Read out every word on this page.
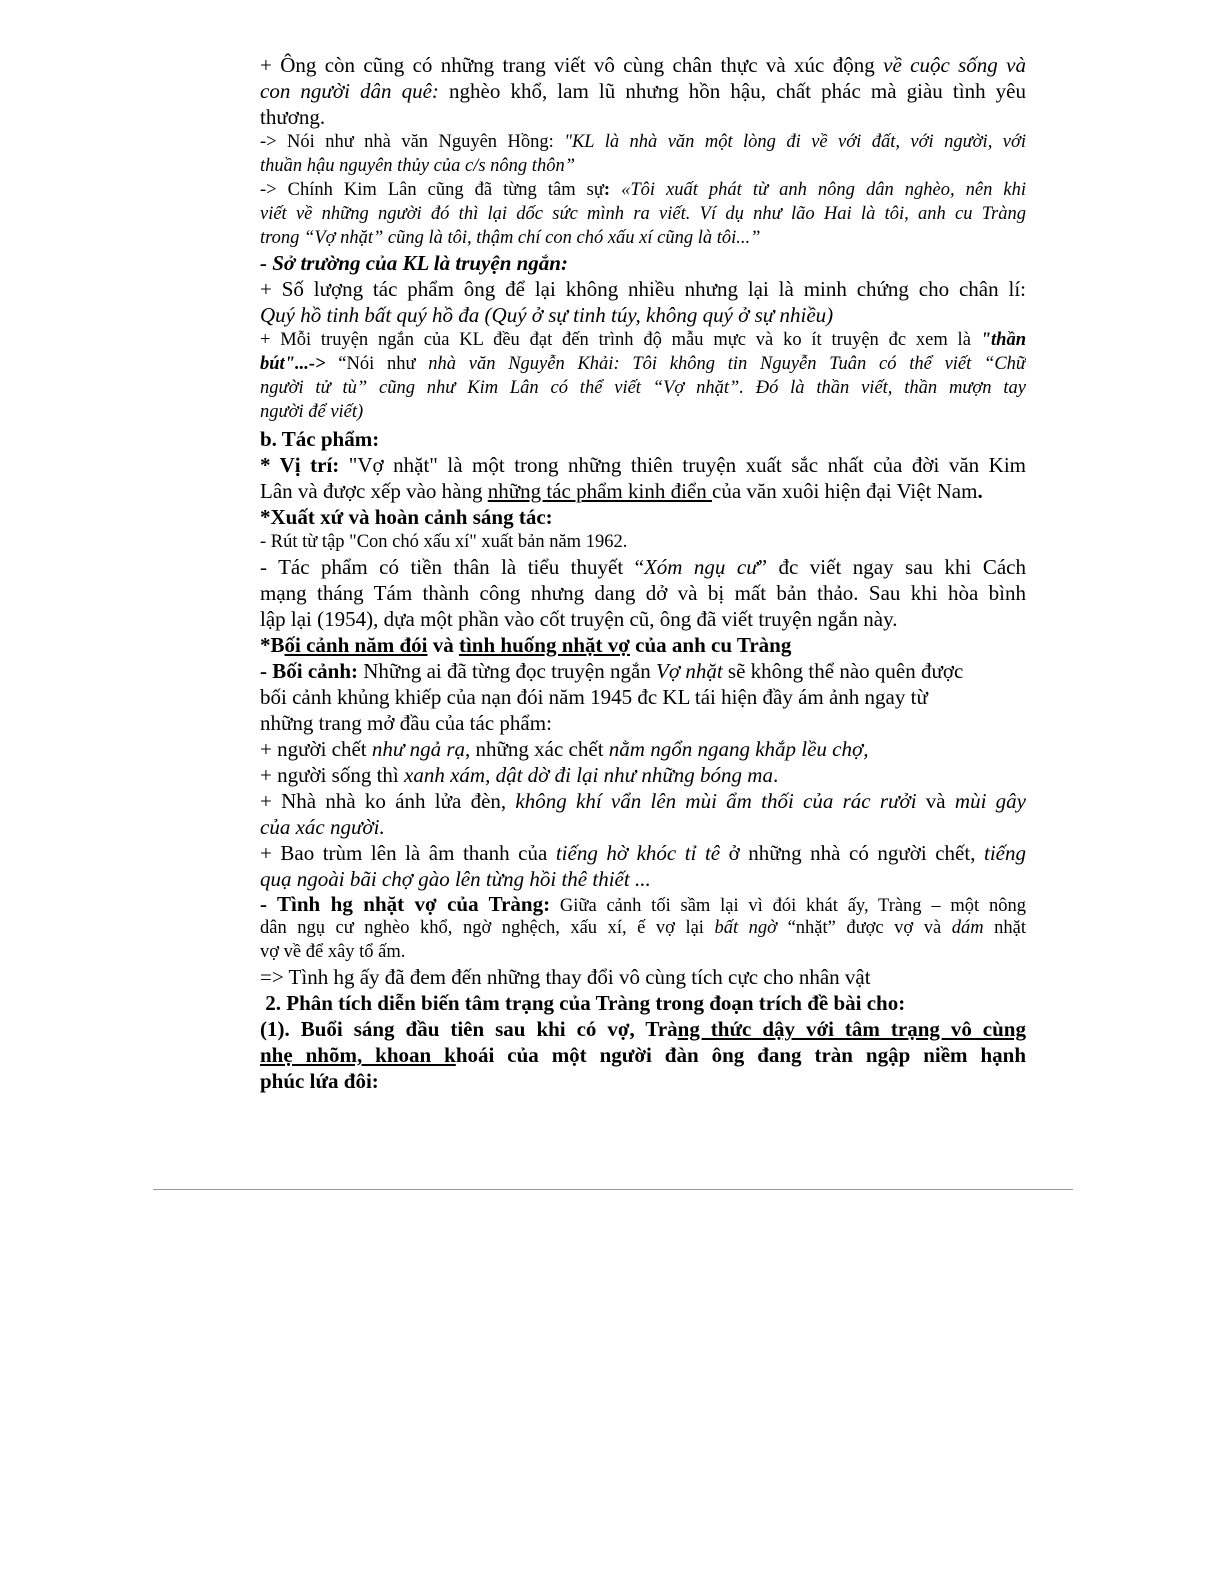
+ Ông còn cũng có những trang viết vô cùng chân thực và xúc động về cuộc sống và
con người dân quê: nghèo khổ, lam lũ nhưng hồn hậu, chất phác mà giàu tình yêu
thương.
-> Nói như nhà văn Nguyên Hồng: "KL là nhà văn một lòng đi về với đất, với người, với
thuần hậu nguyên thủy của c/s nông thôn”
-> Chính Kim Lân cũng đã từng tâm sự: «Tôi xuất phát từ anh nông dân nghèo, nên khi
viết về những người đó thì lại dốc sức mình ra viết. Ví dụ như lão Hai là tôi, anh cu Tràng
trong “Vợ nhặt” cũng là tôi, thậm chí con chó xấu xí cũng là tôi...”
- Sở trường của KL là truyện ngắn:
+ Số lượng tác phẩm ông để lại không nhiều nhưng lại là minh chứng cho chân lí:
Quý hồ tinh bất quý hồ đa (Quý ở sự tinh túy, không quý ở sự nhiều)
+ Mỗi truyện ngắn của KL đều đạt đến trình độ mẫu mực và ko ít truyện đc xem là "thần
bút"...-> “Nói như nhà văn Nguyễn Khải: Tôi không tin Nguyễn Tuân có thể viết “Chữ
người tử tù” cũng như Kim Lân có thể viết “Vợ nhặt”. Đó là thần viết, thần mượn tay
người để viết)
b. Tác phẩm:
* Vị trí: "Vợ nhặt" là một trong những thiên truyện xuất sắc nhất của đời văn Kim
Lân và được xếp vào hàng những tác phẩm kinh điển của văn xuôi hiện đại Việt Nam.
*Xuất xứ và hoàn cảnh sáng tác:
- Rút từ tập "Con chó xấu xí" xuất bản năm 1962.
- Tác phẩm có tiền thân là tiểu thuyết “Xóm ngụ cư” đc viết ngay sau khi Cách
mạng tháng Tám thành công nhưng dang dở và bị mất bản thảo. Sau khi hòa bình
lập lại (1954), dựa một phần vào cốt truyện cũ, ông đã viết truyện ngắn này.
*Bối cảnh năm đói và tình huống nhặt vợ của anh cu Tràng
- Bối cảnh: Những ai đã từng đọc truyện ngắn Vợ nhặt sẽ không thể nào quên được
bối cảnh khủng khiếp của nạn đói năm 1945 đc KL tái hiện đầy ám ảnh ngay từ
những trang mở đầu của tác phẩm:
+ người chết như ngả rạ, những xác chết nằm ngổn ngang khắp lều chợ,
+ người sống thì xanh xám, dật dờ đi lại như những bóng ma.
+ Nhà nhà ko ánh lửa đèn, không khí vẩn lên mùi ẩm thối của rác rưởi và mùi gây
của xác người.
+ Bao trùm lên là âm thanh của tiếng hờ khóc tỉ tê ở những nhà có người chết, tiếng
quạ ngoài bãi chợ gào lên từng hồi thê thiết ...
- Tình hg nhặt vợ của Tràng: Giữa cảnh tối sầm lại vì đói khát ấy, Tràng – một nông
dân ngụ cư nghèo khổ, ngờ nghệch, xấu xí, ế vợ lại bất ngờ “nhặt” được vợ và dám nhặt
vợ về để xây tổ ấm.
=> Tình hg ấy đã đem đến những thay đổi vô cùng tích cực cho nhân vật
2. Phân tích diễn biến tâm trạng của Tràng trong đoạn trích đề bài cho:
(1). Buổi sáng đầu tiên sau khi có vợ, Tràng thức dậy với tâm trạng vô cùng
nhẹ nhõm, khoan khoái của một người đàn ông đang tràn ngập niềm hạnh
phúc lứa đôi:
